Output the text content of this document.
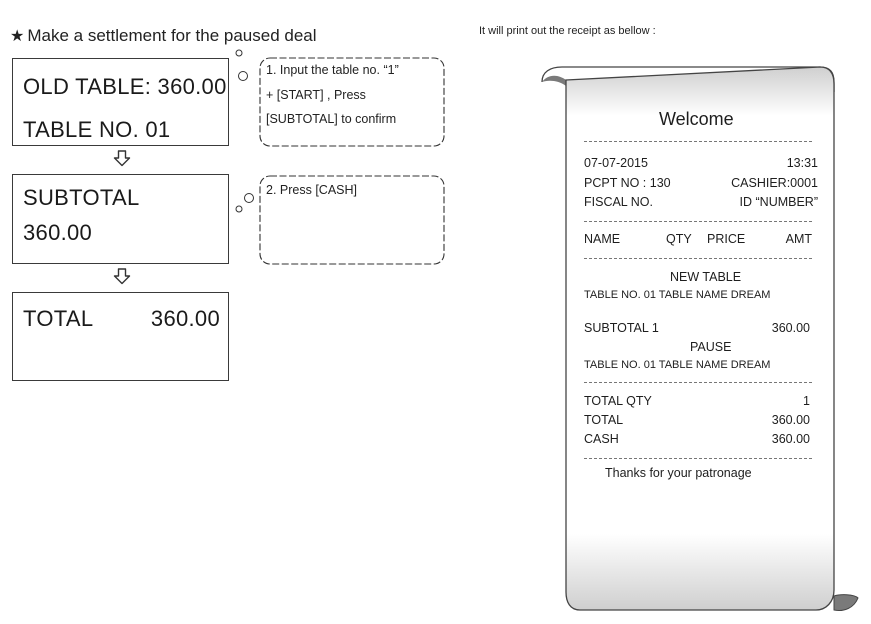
★ Make a settlement for the paused deal	It will print out the receipt as bellow :
OLD TABLE: 360.00
TABLE NO. 01
SUBTOTAL
360.00
TOTAL	360.00
1. Input the table no. “1”
+ [START] , Press
[SUBTOTAL] to confirm
2. Press [CASH]
Welcome
07-07-2015	13:31
PCPT NO : 130	CASHIER:0001
FISCAL NO.	ID “NUMBER”
NAME	QTY PRICE	AMT
NEW TABLE
TABLE NO. 01 TABLE NAME DREAM
SUBTOTAL 1	360.00
PAUSE
TABLE NO. 01 TABLE NAME DREAM
TOTAL QTY	1
TOTAL	360.00
CASH	360.00
Thanks for your patronage
